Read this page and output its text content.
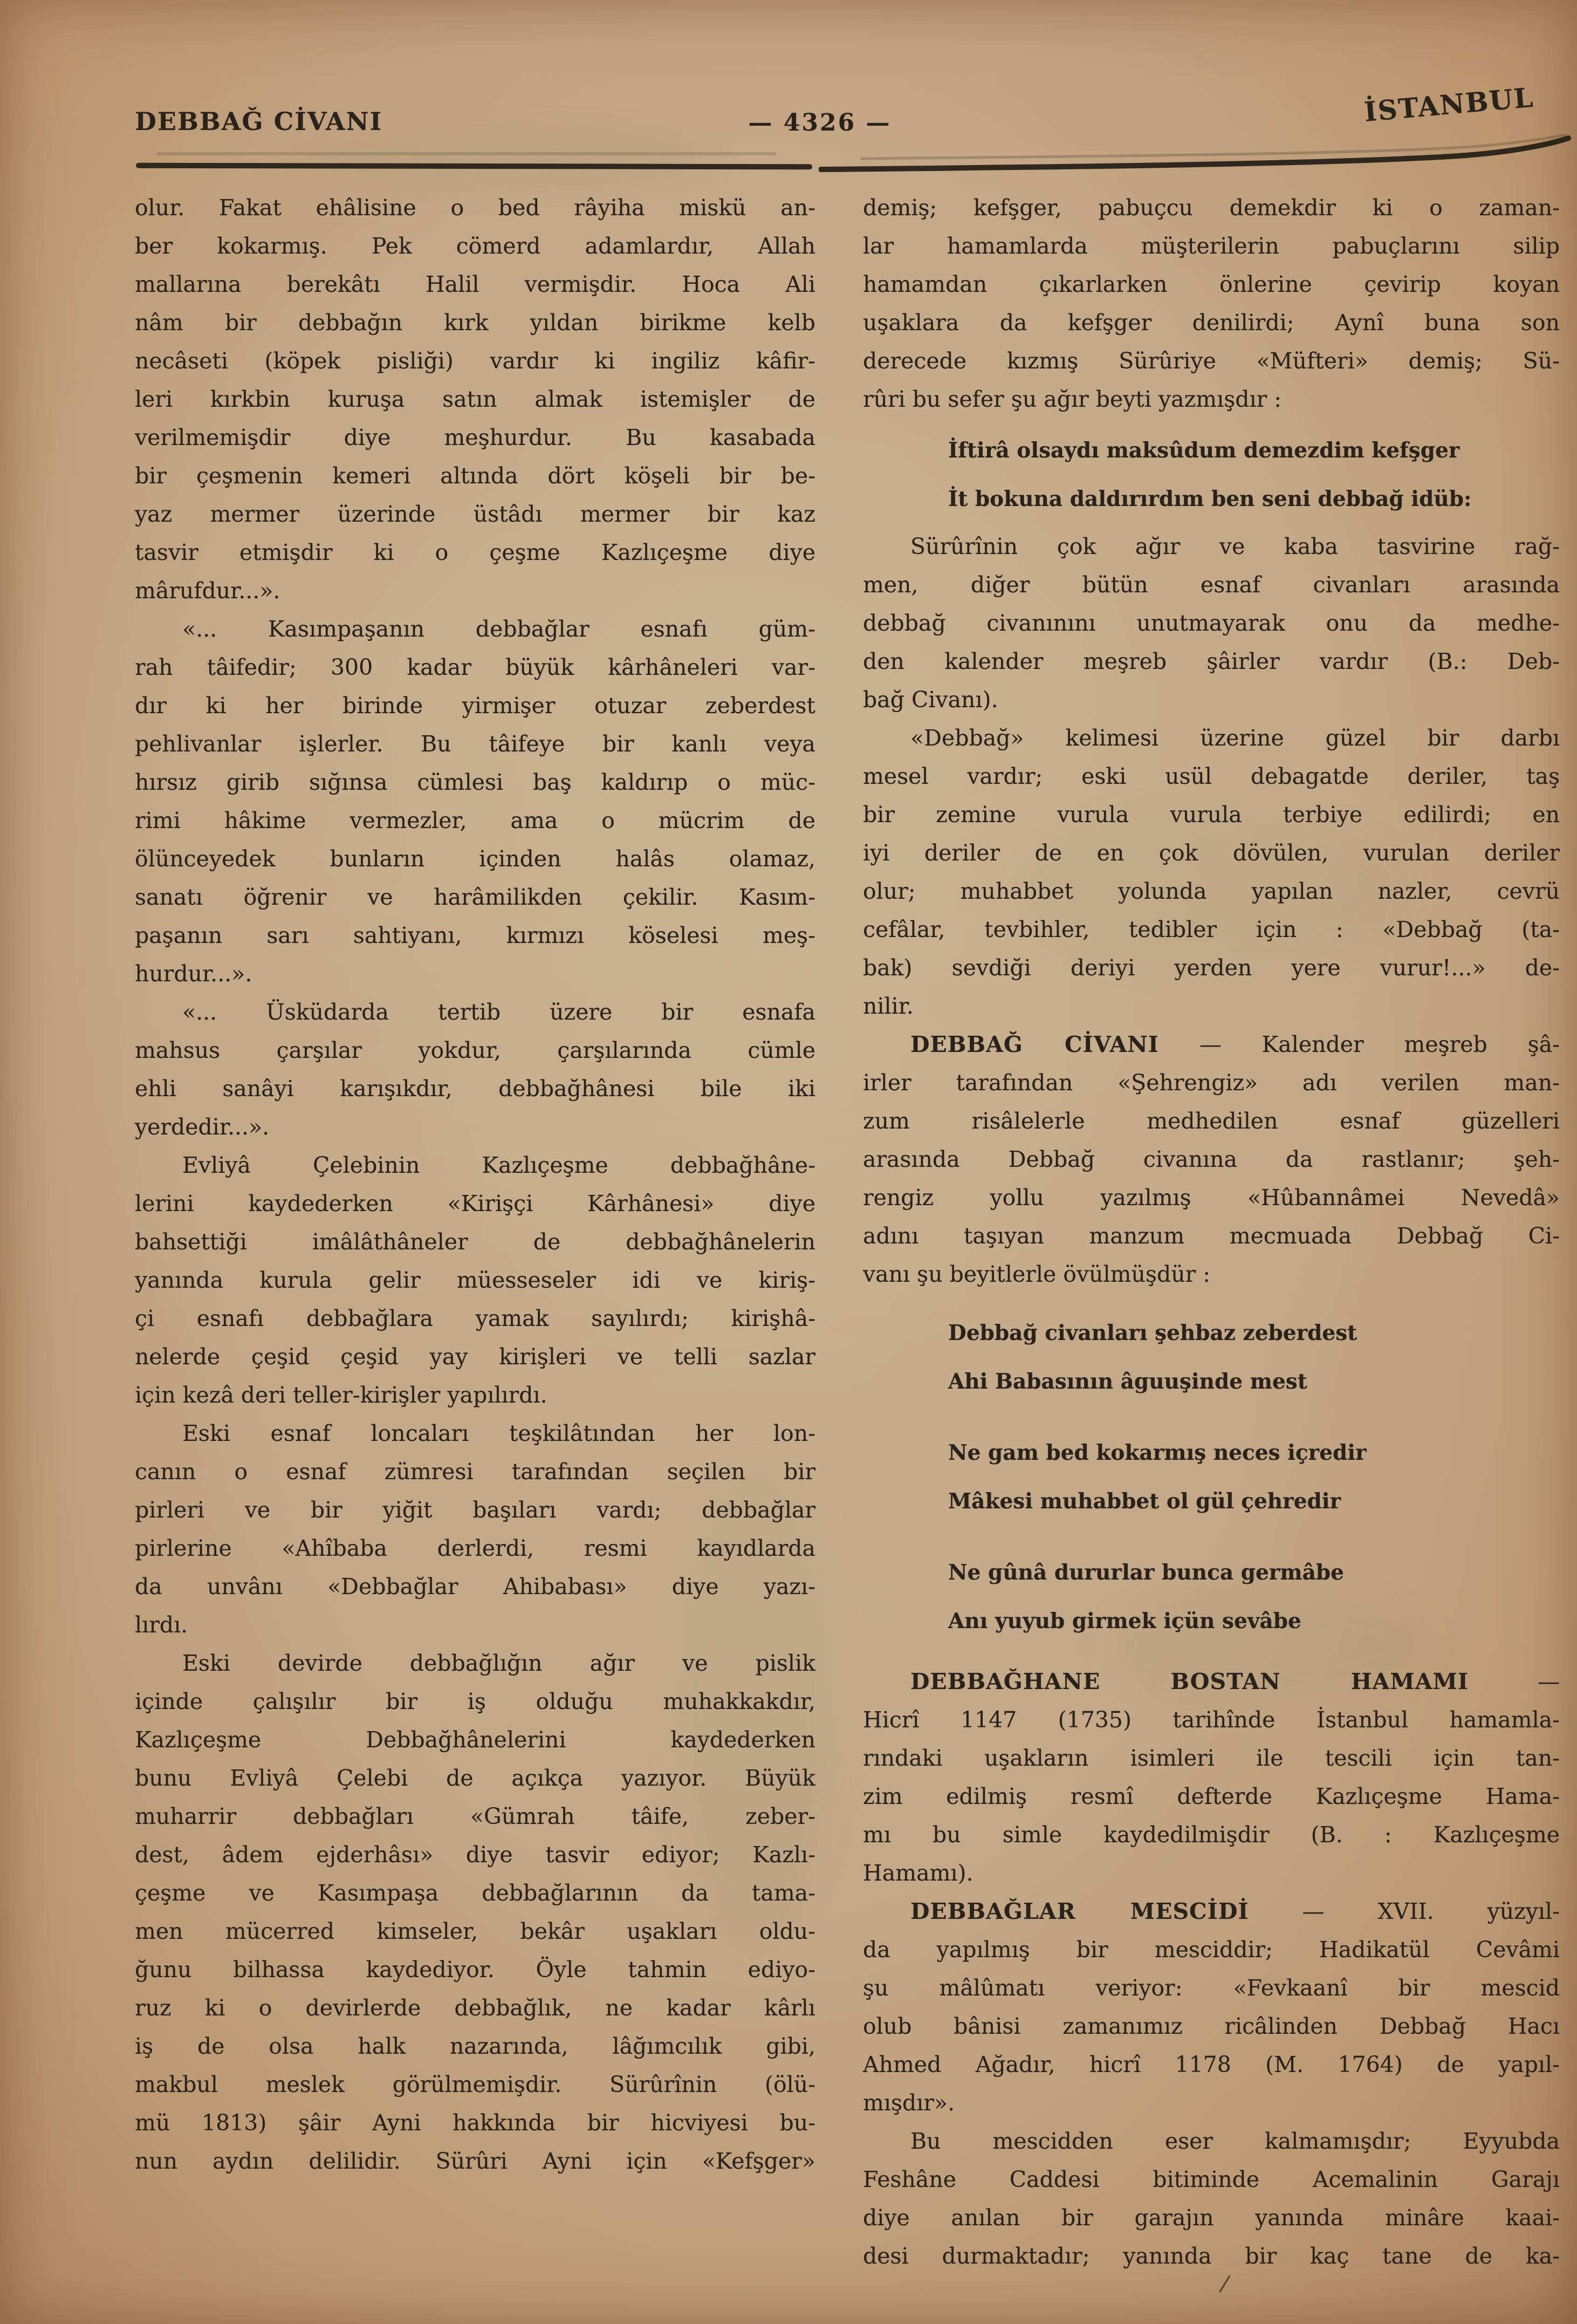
DEBBAĞ CİVANI	— 4326 —	İSTANBUL
olur. Fakat ehâlisine o bed râyiha miskü an-
ber kokarmış. Pek cömerd adamlardır, Allah
mallarına berekâtı Halil vermişdir. Hoca Ali
nâm bir debbağın kırk yıldan birikme kelb
necâseti (köpek pisliği) vardır ki ingiliz kâfir-
leri kırkbin kuruşa satın almak istemişler de
verilmemişdir diye meşhurdur. Bu kasabada
bir çeşmenin kemeri altında dört köşeli bir be-
yaz mermer üzerinde üstâdı mermer bir kaz
tasvir etmişdir ki o çeşme Kazlıçeşme diye
mârufdur...».
«... Kasımpaşanın debbağlar esnafı güm-
rah tâifedir; 300 kadar büyük kârhâneleri var-
dır ki her birinde yirmişer otuzar zeberdest
pehlivanlar işlerler. Bu tâifeye bir kanlı veya
hırsız girib sığınsa cümlesi baş kaldırıp o müc-
rimi hâkime vermezler, ama o mücrim de
ölünceyedek bunların içinden halâs olamaz,
sanatı öğrenir ve harâmilikden çekilir. Kasım-
paşanın sarı sahtiyanı, kırmızı köselesi meş-
hurdur...».
«... Üsküdarda tertib üzere bir esnafa
mahsus çarşılar yokdur, çarşılarında cümle
ehli sanâyi karışıkdır, debbağhânesi bile iki
yerdedir...».
Evliyâ Çelebinin Kazlıçeşme debbağhâne-
lerini kaydederken «Kirişçi Kârhânesi» diye
bahsettiği imâlâthâneler de debbağhânelerin
yanında kurula gelir müesseseler idi ve kiriş-
çi esnafı debbağlara yamak sayılırdı; kirişhâ-
nelerde çeşid çeşid yay kirişleri ve telli sazlar
için kezâ deri teller-kirişler yapılırdı.
Eski esnaf loncaları teşkilâtından her lon-
canın o esnaf zümresi tarafından seçilen bir
pirleri ve bir yiğit başıları vardı; debbağlar
pirlerine «Ahîbaba derlerdi, resmi kayıdlarda
da unvânı «Debbağlar Ahibabası» diye yazı-
lırdı.
Eski devirde debbağlığın ağır ve pislik
içinde çalışılır bir iş olduğu muhakkakdır,
Kazlıçeşme Debbağhânelerini kaydederken
bunu Evliyâ Çelebi de açıkça yazıyor. Büyük
muharrir debbağları «Gümrah tâife, zeber-
dest, âdem ejderhâsı» diye tasvir ediyor; Kazlı-
çeşme ve Kasımpaşa debbağlarının da tama-
men mücerred kimseler, bekâr uşakları oldu-
ğunu bilhassa kaydediyor. Öyle tahmin ediyo-
ruz ki o devirlerde debbağlık, ne kadar kârlı
iş de olsa halk nazarında, lâğımcılık gibi,
makbul meslek görülmemişdir. Sürûrînin (ölü-
mü 1813) şâir Ayni hakkında bir hicviyesi bu-
nun aydın delilidir. Sürûri Ayni için «Kefşger»
demiş; kefşger, pabuçcu demekdir ki o zaman-
lar hamamlarda müşterilerin pabuçlarını silip
hamamdan çıkarlarken önlerine çevirip koyan
uşaklara da kefşger denilirdi; Aynî buna son
derecede kızmış Sürûriye «Müfteri» demiş; Sü-
rûri bu sefer şu ağır beyti yazmışdır :
İftirâ olsaydı maksûdum demezdim kefşger
İt bokuna daldırırdım ben seni debbağ idüb:
Sürûrînin çok ağır ve kaba tasvirine rağ-
men, diğer bütün esnaf civanları arasında
debbağ civanınını unutmayarak onu da medhe-
den kalender meşreb şâirler vardır (B.: Deb-
bağ Civanı).
«Debbağ» kelimesi üzerine güzel bir darbı
mesel vardır; eski usül debagatde deriler, taş
bir zemine vurula vurula terbiye edilirdi; en
iyi deriler de en çok dövülen, vurulan deriler
olur; muhabbet yolunda yapılan nazler, cevrü
cefâlar, tevbihler, tedibler için : «Debbağ (ta-
bak) sevdiği deriyi yerden yere vurur!...» de-
nilir.
DEBBAĞ CİVANI — Kalender meşreb şâ-
irler tarafından «Şehrengiz» adı verilen man-
zum risâlelerle medhedilen esnaf güzelleri
arasında Debbağ civanına da rastlanır; şeh-
rengiz yollu yazılmış «Hûbannâmei Nevedâ»
adını taşıyan manzum mecmuada Debbağ Ci-
vanı şu beyitlerle övülmüşdür :
Debbağ civanları şehbaz zeberdest
Ahi Babasının âguuşinde mest
Ne gam bed kokarmış neces içredir
Mâkesi muhabbet ol gül çehredir
Ne gûnâ dururlar bunca germâbe
Anı yuyub girmek içün sevâbe
DEBBAĞHANE BOSTAN HAMAMI —
Hicrî 1147 (1735) tarihînde İstanbul hamamla-
rındaki uşakların isimleri ile tescili için tan-
zim edilmiş resmî defterde Kazlıçeşme Hama-
mı bu simle kaydedilmişdir (B. : Kazlıçeşme
Hamamı).
DEBBAĞLAR MESCİDİ — XVII. yüzyıl-
da yapılmış bir mesciddir; Hadikatül Cevâmi
şu mâlûmatı veriyor: «Fevkaanî bir mescid
olub bânisi zamanımız ricâlinden Debbağ Hacı
Ahmed Ağadır, hicrî 1178 (M. 1764) de yapıl-
mışdır».
Bu mescidden eser kalmamışdır; Eyyubda
Feshâne Caddesi bitiminde Acemalinin Garajı
diye anılan bir garajın yanında minâre kaai-
desi durmaktadır; yanında bir kaç tane de ka-
/
